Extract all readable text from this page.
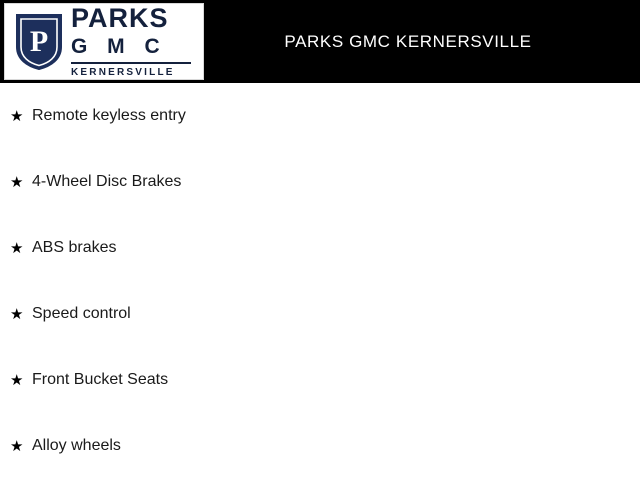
P
PARKS
G M C
KERNERSVILLE
PARKS GMC KERNERSVILLE
★ Remote keyless entry
★ 4-Wheel Disc Brakes
★ ABS brakes
★ Speed control
★ Front Bucket Seats
★ Alloy wheels
